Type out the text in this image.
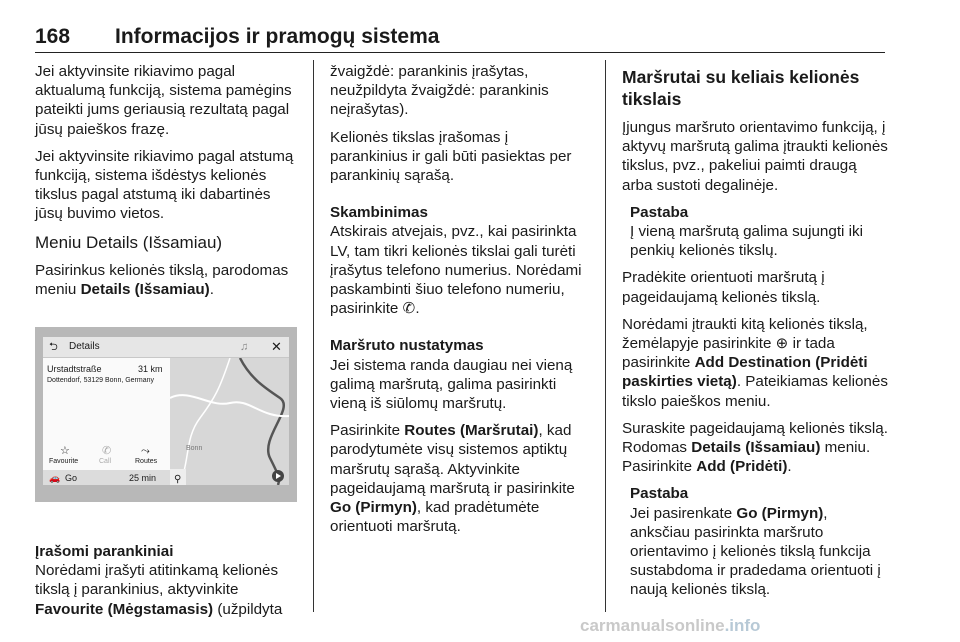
168 Informacijos ir pramogų sistema

Jei aktyvinsite rikiavimo pagal aktualumą funkciją, sistema pamėgins pateikti jums geriausią rezultatą pagal jūsų paieškos frazę.

Jei aktyvinsite rikiavimo pagal atstumą funkciją, sistema išdėstys kelionės tikslus pagal atstumą iki dabartinės jūsų buvimo vietos.

Meniu Details (Išsamiau)

Pasirinkus kelionės tikslą, parodomas meniu Details (Išsamiau).

⮌ Details	♫ ✕
Urstadtstraße	31 km
Dottendorf, 53129 Bonn, Germany
☆	✆	⤳
Favourite	Call	Routes
🚗 Go	25 min
Bonn
⚲

Įrašomi parankiniai

Norėdami įrašyti atitinkamą kelionės tikslą į parankinius, aktyvinkite Favourite (Mėgstamasis) (užpildyta

žvaigždė: parankinis įrašytas, neužpildyta žvaigždė: parankinis neįrašytas).

Kelionės tikslas įrašomas į parankinius ir gali būti pasiektas per parankinių sąrašą.

Skambinimas

Atskirais atvejais, pvz., kai pasirinkta LV, tam tikri kelionės tikslai gali turėti įrašytus telefono numerius. Norėdami paskambinti šiuo telefono numeriu, pasirinkite ✆.

Maršruto nustatymas

Jei sistema randa daugiau nei vieną galimą maršrutą, galima pasirinkti vieną iš siūlomų maršrutų.

Pasirinkite Routes (Maršrutai), kad parodytumėte visų sistemos aptiktų maršrutų sąrašą. Aktyvinkite pageidaujamą maršrutą ir pasirinkite Go (Pirmyn), kad pradėtumėte orientuoti maršrutą.

Maršrutai su keliais kelionės tikslais

Įjungus maršruto orientavimo funkciją, į aktyvų maršrutą galima įtraukti kelionės tikslus, pvz., pakeliui paimti draugą arba sustoti degalinėje.

Pastaba
Į vieną maršrutą galima sujungti iki penkių kelionės tikslų.

Pradėkite orientuoti maršrutą į pageidaujamą kelionės tikslą.

Norėdami įtraukti kitą kelionės tikslą, žemėlapyje pasirinkite ⊕ ir tada pasirinkite Add Destination (Pridėti paskirties vietą). Pateikiamas kelionės tikslo paieškos meniu.

Suraskite pageidaujamą kelionės tikslą. Rodomas Details (Išsamiau) meniu. Pasirinkite Add (Pridėti).

Pastaba
Jei pasirenkate Go (Pirmyn), anksčiau pasirinkta maršruto orientavimo į kelionės tikslą funkcija sustabdoma ir pradedama orientuoti į naują kelionės tikslą.
carmanualsonline.info
